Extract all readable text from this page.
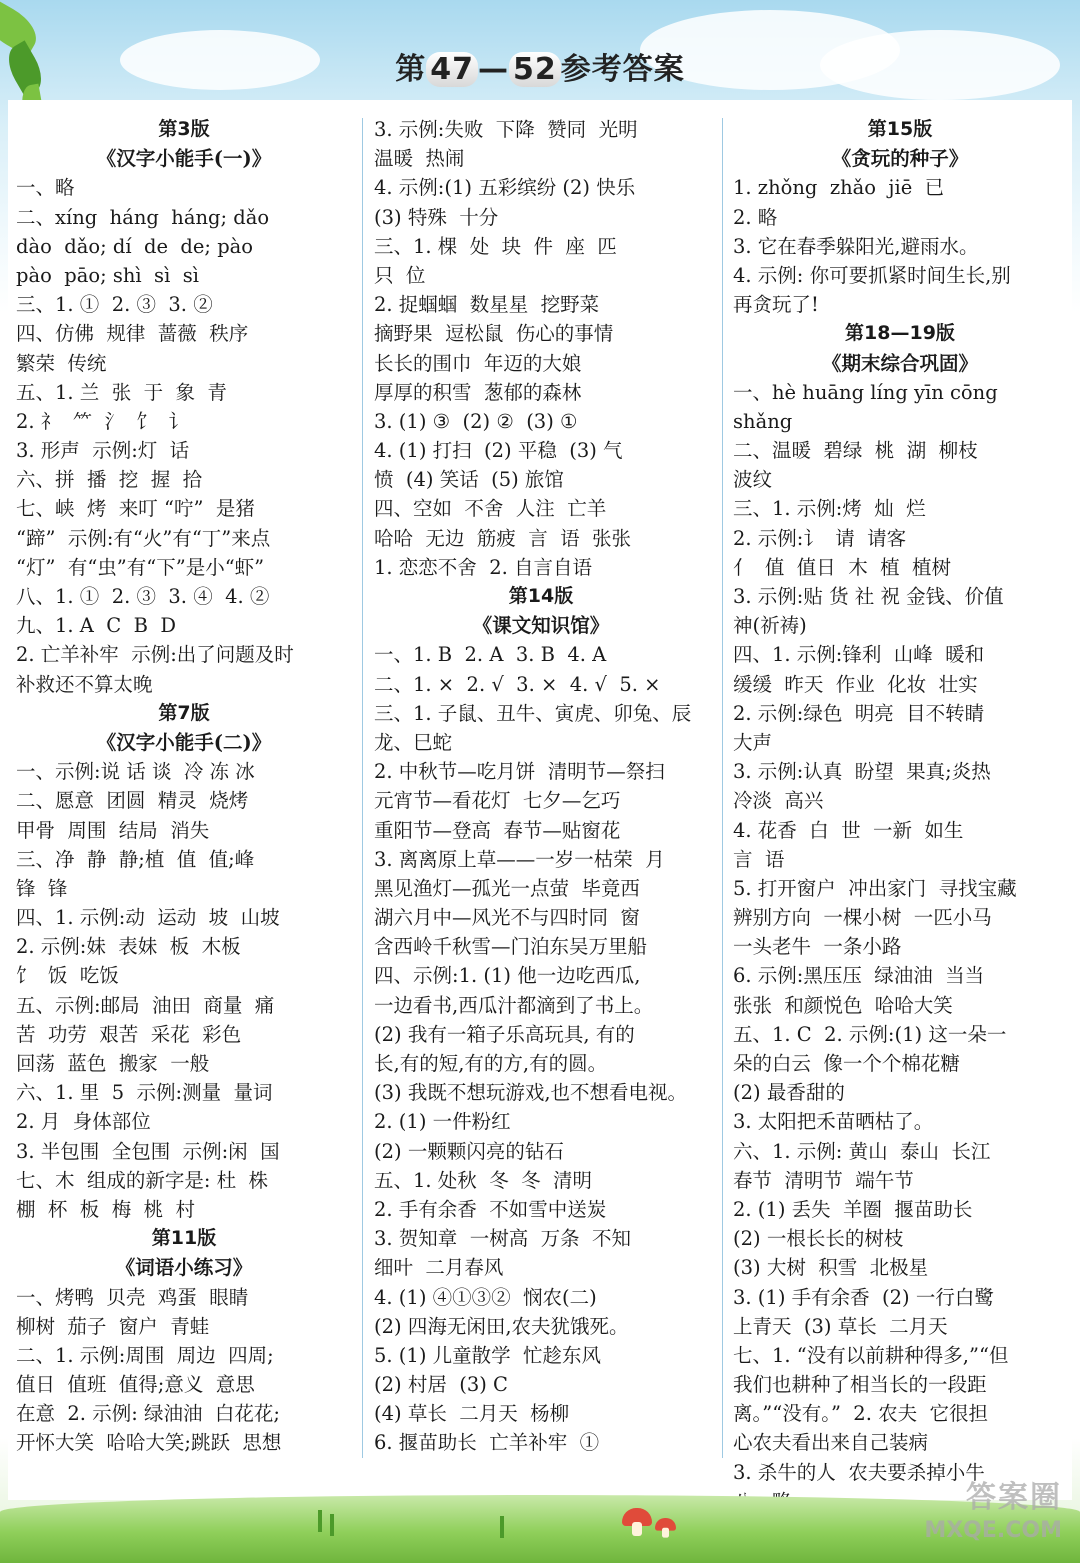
第 47 — 52 参考答案
第3版
《汉字小能手(一)》
一、略
二、xíng  háng  háng; dǎo
dào  dǎo; dí  de  de; pào
pào  pāo; shì  sì  sì
三、1. ①  2. ③  3. ②
四、仿佛  规律  蔷薇  秩序
繁荣  传统
五、1. 兰  张  于  象  青
2. 礻  ⺮  氵  饣  讠
3. 形声  示例:灯  话
六、拼  播  挖  握  拾
七、峡  烤  来叮 “咛”  是猪
“蹄”  示例:有“火”有“丁”来点
“灯”  有“虫”有“下”是小“虾”
八、1. ①  2. ③  3. ④  4. ②
九、1. A  C  B  D
2. 亡羊补牢  示例:出了问题及时
补救还不算太晚
第7版
《汉字小能手(二)》
一、示例:说 话 谈  冷 冻 冰
二、愿意  团圆  精灵  烧烤
甲骨  周围  结局  消失
三、净  静  静;植  值  值;峰
锋  锋
四、1. 示例:动  运动  坡  山坡
2. 示例:妹  表妹  板  木板
饣  饭  吃饭
五、示例:邮局  油田  商量  痛
苦  功劳  艰苦  采花  彩色
回荡  蓝色  搬家  一般
六、1. 里  5  示例:测量  量词
2. 月  身体部位
3. 半包围  全包围  示例:闲  国
七、木  组成的新字是: 杜  株
棚  杯  板  梅  桃  村
第11版
《词语小练习》
一、烤鸭  贝壳  鸡蛋  眼睛
柳树  茄子  窗户  青蛙
二、1. 示例:周围  周边  四周;
值日  值班  值得;意义  意思
在意  2. 示例: 绿油油  白花花;
开怀大笑  哈哈大笑;跳跃  思想
3. 示例:失败  下降  赞同  光明
温暖  热闹
4. 示例:(1) 五彩缤纷 (2) 快乐
(3) 特殊  十分
三、1. 棵  处  块  件  座  匹
只  位
2. 捉蝈蝈  数星星  挖野菜
摘野果  逗松鼠  伤心的事情
长长的围巾  年迈的大娘
厚厚的积雪  葱郁的森林
3. (1) ③  (2) ②  (3) ①
4. (1) 打扫  (2) 平稳  (3) 气
愤  (4) 笑话  (5) 旅馆
四、空如  不舍  人注  亡羊
哈哈  无边  筋疲  言  语  张张
1. 恋恋不舍  2. 自言自语
第14版
《课文知识馆》
一、1. B  2. A  3. B  4. A
二、1. ×  2. √  3. ×  4. √  5. ×
三、1. 子鼠、丑牛、寅虎、卯兔、辰
龙、巳蛇
2. 中秋节—吃月饼  清明节—祭扫
元宵节—看花灯  七夕—乞巧
重阳节—登高  春节—贴窗花
3. 离离原上草——一岁一枯荣  月
黑见渔灯—孤光一点萤  毕竟西
湖六月中—风光不与四时同  窗
含西岭千秋雪—门泊东吴万里船
四、示例:1. (1) 他一边吃西瓜,
一边看书,西瓜汁都滴到了书上。
(2) 我有一箱子乐高玩具, 有的
长,有的短,有的方,有的圆。
(3) 我既不想玩游戏,也不想看电视。
2. (1) 一件粉红
(2) 一颗颗闪亮的钻石
五、1. 处秋  冬  冬  清明
2. 手有余香  不如雪中送炭
3. 贺知章  一树高  万条  不知
细叶  二月春风
4. (1) ④①③②  悯农(二)
(2) 四海无闲田,农夫犹饿死。
5. (1) 儿童散学  忙趁东风
(2) 村居  (3) C
(4) 草长  二月天  杨柳
6. 揠苗助长  亡羊补牢  ①
第15版
《贪玩的种子》
1. zhǒng  zhǎo  jiē  已
2. 略
3. 它在春季躲阳光,避雨水。
4. 示例: 你可要抓紧时间生长,别
再贪玩了!
第18—19版
《期末综合巩固》
一、hè huāng líng yīn cōng
shǎng
二、温暖  碧绿  桃  湖  柳枝
波纹
三、1. 示例:烤  灿  烂
2. 示例:讠  请  请客
亻  值  值日  木  植  植树
3. 示例:贴 货 社 祝 金钱、价值
神(祈祷)
四、1. 示例:锋利  山峰  暖和
缓缓  昨天  作业  化妆  壮实
2. 示例:绿色  明亮  目不转睛
大声
3. 示例:认真  盼望  果真;炎热
冷淡  高兴
4. 花香  白  世  一新  如生
言  语
5. 打开窗户  冲出家门  寻找宝藏
辨别方向  一棵小树  一匹小马
一头老牛  一条小路
6. 示例:黑压压  绿油油  当当
张张  和颜悦色  哈哈大笑
五、1. C  2. 示例:(1) 这一朵一
朵的白云  像一个个棉花糖
(2) 最香甜的
3. 太阳把禾苗晒枯了。
六、1. 示例: 黄山  泰山  长江
春节  清明节  端午节
2. (1) 丢失  羊圈  揠苗助长
(2) 一根长长的树枝
(3) 大树  积雪  北极星
3. (1) 手有余香  (2) 一行白鹭
上青天  (3) 草长  二月天
七、1. “没有以前耕种得多,”“但
我们也耕种了相当长的一段距
离。”“没有。”  2. 农夫  它很担
心农夫看出来自己装病
3. 杀牛的人  农夫要杀掉小牛
答案圈
MXQE.COM
